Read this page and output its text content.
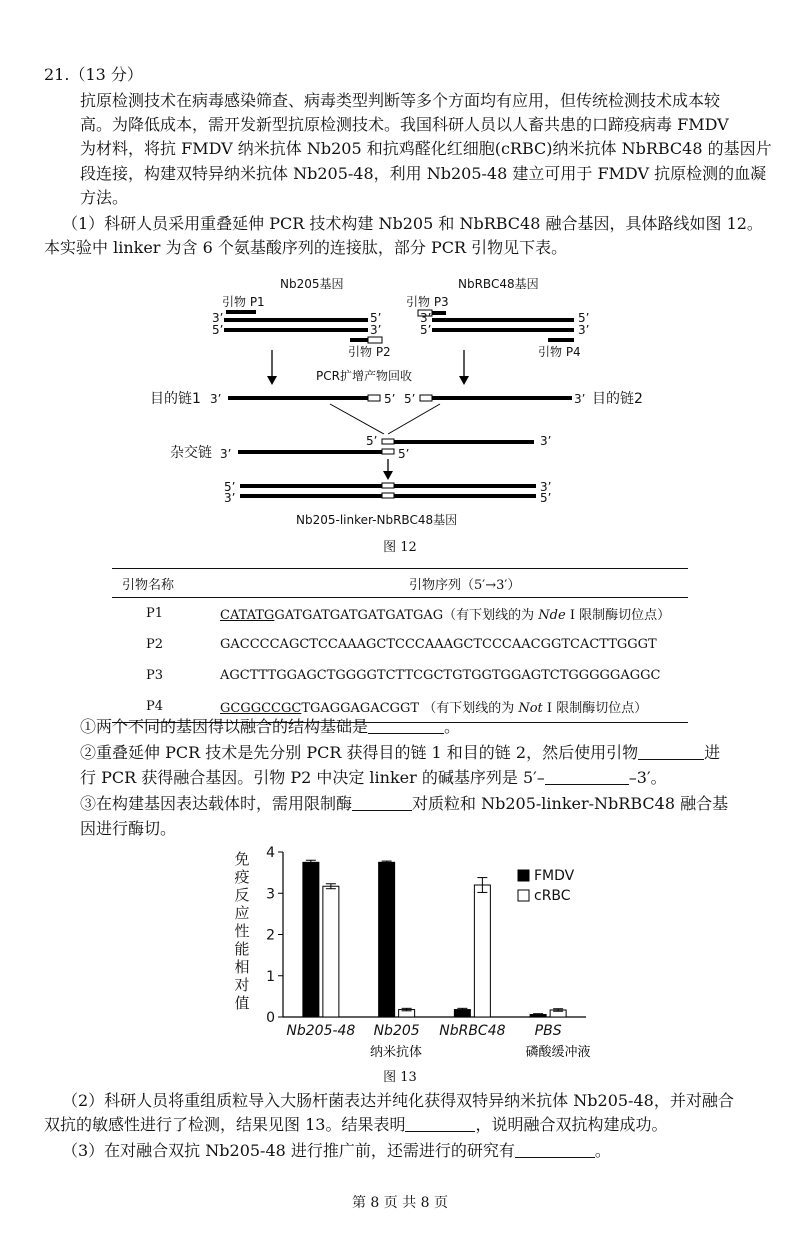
21.（13 分）
抗原检测技术在病毒感染筛查、病毒类型判断等多个方面均有应用，但传统检测技术成本较
高。为降低成本，需开发新型抗原检测技术。我国科研人员以人畜共患的口蹄疫病毒 FMDV
为材料，将抗 FMDV 纳米抗体 Nb205 和抗鸡醛化红细胞(cRBC)纳米抗体 NbRBC48 的基因片
段连接，构建双特异纳米抗体 Nb205-48，利用 Nb205-48 建立可用于 FMDV 抗原检测的血凝
方法。
（1）科研人员采用重叠延伸 PCR 技术构建 Nb205 和 NbRBC48 融合基因，具体路线如图 12。
本实验中 linker 为含 6 个氨基酸序列的连接肽，部分 PCR 引物见下表。
Nb205基因	NbRBC48基因
引物 P1
3’	5’
5’	3’
引物 P2
引物 P3
3’	5’
5’	3’
引物 P4
PCR扩增产物回收
目的链1 3’	5’ 5’	3’ 目的链2
5’	3’
杂交链 3’	5’
5’	3’
3’	5’
Nb205-linker-NbRBC48基因
图 12
引物名称	引物序列（5′→3′）
P1	CATATGGATGATGATGATGATGAG（有下划线的为 Nde Ⅰ 限制酶切位点）
P2	GACCCCAGCTCCAAAGCTCCCAAAGCTCCCAACGGTCACTTGGGT
P3	AGCTTTGGAGCTGGGGTCTTCGCTGTGGTGGAGTCTGGGGGAGGC
P4	GCGGCCGCTGAGGAGACGGT （有下划线的为 Not Ⅰ 限制酶切位点）
①两个不同的基因得以融合的结构基础是	。
②重叠延伸 PCR 技术是先分别 PCR 获得目的链 1 和目的链 2，然后使用引物	进
行 PCR 获得融合基因。引物 P2 中决定 linker 的碱基序列是 5′–	–3′。
③在构建基因表达载体时，需用限制酶	对质粒和 Nb205-linker-NbRBC48 融合基
因进行酶切。
免
疫
反
应
性
能
相
对
值
0
1
2
3
4
Nb205-48 Nb205 NbRBC48 PBS
FMDV
cRBC
纳米抗体	磷酸缓冲液
图 13
（2）科研人员将重组质粒导入大肠杆菌表达并纯化获得双特异纳米抗体 Nb205-48，并对融合
双抗的敏感性进行了检测，结果见图 13。结果表明	，说明融合双抗构建成功。
（3）在对融合双抗 Nb205-48 进行推广前，还需进行的研究有	。
第 8 页 共 8 页
